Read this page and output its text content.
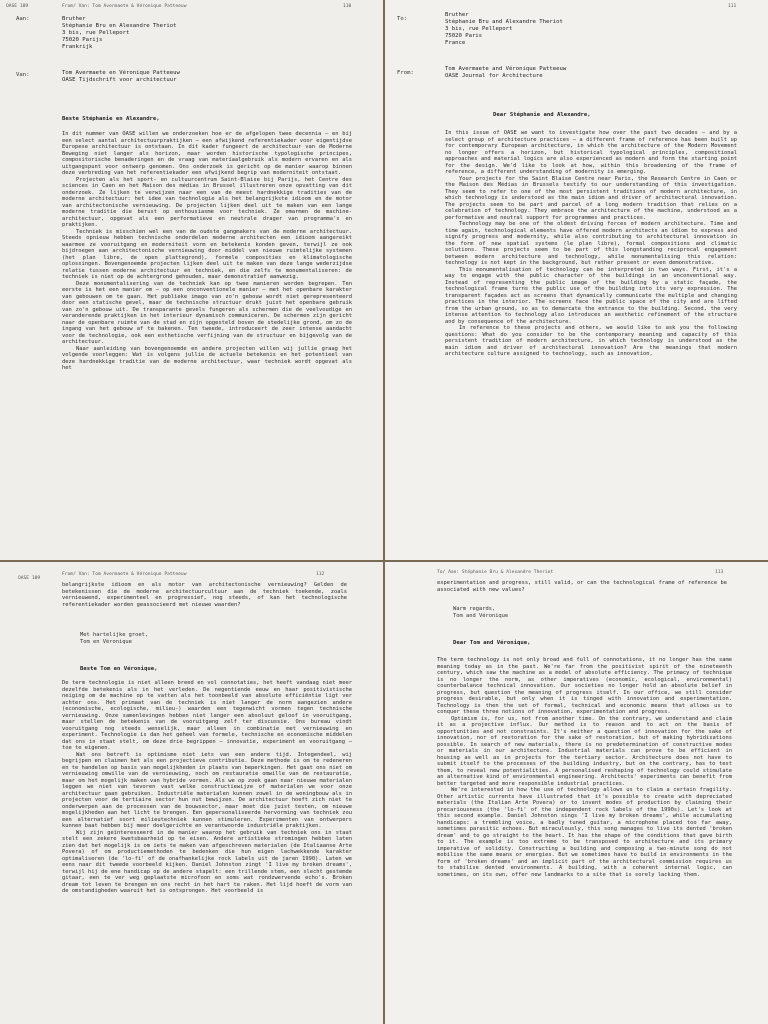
OASE 109	From/ Van: Tom Avermaete & Véronique Patteeuw	110
Aan:	Bruther
Stéphanie Bru en Alexandre Theriot
3 bis, rue Pelleport
75020 Parijs
Frankrijk
Van:	Tom Avermaete en Véronique Patteeuw
OASE Tijdschrift voor architectuur
Beste Stéphanie en Alexandre,

In dit nummer van OASE willen we onderzoeken hoe er de afgelopen twee decennia – en bij een select aantal architectuurpraktijken – een afwijkend referentiekader voor eigentijdse Europese architectuur is ontstaan. In dit kader fungeert de architectuur van de Moderne Beweging niet langer als horizon, maar worden historische typologische principes, compositorische benaderingen en de vraag van materiaalgebruik als modern ervaren en als uitgangspunt voor ontwerp genomen. Ons onderzoek is gericht op de manier waarop binnen deze verbreding van het referentiekader een afwijkend begrip van moderniteit ontstaat.

Projecten als het sport- en cultuurcentrum Saint-Blaise bij Parijs, het Centre des sciences in Caen en het Maison des médias in Brussel illustreren onze opvatting van dit onderzoek. Ze lijken te verwijzen naar een van de meest hardnekkige tradities van de moderne architectuur: het idee van technologie als het belangrijkste idioom en de motor van architectonische vernieuwing. De projecten lijken deel uit te maken van een lange moderne traditie die berust op enthousiasme voor techniek. Ze omarmen de machine-architectuur, opgevat als een performatieve en neutrale drager van programma's en praktijken.

Techniek is misschien wel een van de oudste gangmakers van de moderne architectuur. Steeds opnieuw hebben technische onderdelen moderne architecten een idioom aangereikt waarmee ze vooruitgang en moderniteit vorm en betekenis konden geven, terwijl ze ook bijdroegen aan architectonische vernieuwing door middel van nieuwe ruimtelijke systemen (het plan libre, de open plattegrond), formele composities en klimatologische oplossingen. Bovengenoemde projecten lijken deel uit te maken van deze lange wederzijdse relatie tussen moderne architectuur en techniek, en die zelfs te monumentaliseren: de techniek is niet op de achtergrond gehouden, maar demonstratief aanwezig.

Deze monumentalisering van de techniek kan op twee manieren worden begrepen. Ten eerste is het een manier om – op een onconventionele manier – met het openbare karakter van gebouwen om te gaan. Het publieke imago van zo'n gebouw wordt niet gerepresenteerd door een statische gevel, maar de technische structuur drukt juist het openbare gebruik van zo'n gebouw uit. De transparante gevels fungeren als schermen die de veelvoudige en veranderende praktijken in het interieur dynamisch communiceren. De schermen zijn gericht naar de openbare ruimte van de stad en zijn opgesteld boven de stedelijke grond, om zo de ingang van het gebouw af te bakenen. Ten tweede, introduceert de zeer intense aandacht voor de technologie, ook een esthetische verfijning van de structuur en bijgevolg van de architectuur.

Naar aanleiding van bovengenoemde en andere projecten willen wij jullie graag het volgende voorleggen: Wat is volgens jullie de actuele betekenis en het potentieel van deze hardnekkige traditie van de moderne architectuur, waar techniek wordt opgevat als het

111
To:
Bruther
Stéphanie Bru and Alexandre Theriot
3 bis, rue Pelleport
75020 Paris
France
From:
Tom Avermaete and Véronique Patteeuw
OASE Journal for Architecture
Dear Stéphanie and Alexandre,

In this issue of OASE we want to investigate how over the past two decades – and by a select group of architecture practices – a different frame of reference has been built up for contemporary European architecture, in which the architecture of the Modern Movement no longer offers a horizon, but historical typological principles, compositional approaches and material logics are also experienced as modern and form the starting point for the design. We'd like to look at how, within this broadening of the frame of reference, a different understanding of modernity is emerging.

Your projects for the Saint Blaise Centre near Paris, the Research Centre in Caen or the Maison des Médias in Brussels testify to our understanding of this investigation. They seem to refer to one of the most persistent traditions of modern architecture, in which technology is understood as the main idiom and driver of architectural innovation. The projects seem to be part and parcel of a long modern tradition that relies on a celebration of technology. They embrace the architecture of the machine, understood as a performative and neutral support for programmes and practices.

Technology may be one of the oldest driving forces of modern architecture. Time and time again, technological elements have offered modern architects an idiom to express and signify progress and modernity, while also contributing to architectural innovation in the form of new spatial systems (le plan libre), formal compositions and climatic solutions. These projects seem to be part of this longstanding reciprocal engagement between modern architecture and technology, while monumentalising this relation: technology is not kept in the background, but rather present or even demonstrative.

This monumentalisation of technology can be interpreted in two ways. First, it's a way to engage with the public character of the buildings in an unconventional way. Instead of representing the public image of the building by a static façade, the technological frame turns the public use of the building into its very expression. The transparent façades act as screens that dynamically communicate the multiple and changing practices in the interior. The screens face the public space of the city and are lifted from the urban ground, so as to demarcate the entrance to the building. Second, the very intense attention to technology also introduces an aesthetic refinement of the structure and by consequence of the architecture.

In reference to these projects and others, we would like to ask you the following questions: What do you consider to be the contemporary meaning and capacity of this persistent tradition of modern architecture, in which technology is understood as the main idiom and driver of architectural innovation? Are the meanings that modern architecture culture assigned to technology, such as innovation,

OASE 109
From/ Van: Tom Avermaete & Véronique Patteeuw	112

belangrijkste idioom en als motor van architectonische vernieuwing? Gelden de betekenissen die de moderne architectuurcultuur aan de techniek toekende, zoals vernieuwend, experimenteel en progressief, nog steeds, of kan het technologische referentiekader worden geassocieerd met nieuwe waarden?

Met hartelijke groet,
Tom en Véronique
Beste Tom en Véronique,

De term technologie is niet alleen breed en vol connotaties, het heeft vandaag niet meer dezelfde betekenis als in het verleden. De negentiende eeuw en haar positivistische neiging om de machine op te vatten als het toonbeeld van absolute efficiëntie ligt ver achter ons. Het primaat van de techniek is niet langer de norm aangezien andere (economische, ecologische, milieu-) waarden een tegenwicht vormen tegen technische vernieuwing. Onze samenlevingen hebben niet langer een absoluut geloof in vooruitgang, maar stellen de betekenis van de vooruitgang zelf ter discussie. Ons bureau vindt vooruitgang nog steeds wenselijk, maar alleen in combinatie met vernieuwing en experiment. Technologie is dan het geheel van formele, technische en economische middelen dat ons in staat stelt, om deze drie begrippen – innovatie, experiment en vooruitgang – toe te eigenen.

Wat ons betreft is optimisme niet iets van een andere tijd. Integendeel, wij begrijpen en claimen het als een projectieve contributie. Deze methode is om te redeneren en te handelen op basis van mogelijkheden in plaats van beperkingen. Het gaat ons niet om vernieuwing omwille van de vernieuwing, noch om restauratie omwille van de restauratie, maar om het mogelijk maken van hybride vormen. Als we op zoek gaan naar nieuwe materialen leggen we niet van tevoren vast welke constructiewijze of materialen we voor onze architectuur gaan gebruiken. Industriële materialen kunnen zowel in de woningbouw als in projecten voor de tertiaire sector hun nut bewijzen. De architectuur hoeft zich niet te onderwerpen aan de processen van de bouwsector, maar moet die juist testen, om nieuwe mogelijkheden aan het licht te brengen. Een gepersonaliseerde hervorming van techniek zou een alternatief soort milieutechniek kunnen stimuleren. Experimenten van ontwerpers kunnen baat hebben bij meer doelgerichte en verantwoorde industriële praktijken.

Wij zijn geïnteresseerd in de manier waarop het gebruik van techniek ons in staat stelt een zekere kwetsbaarheid op te eisen. Andere artistieke stromingen hebben laten zien dat het mogelijk is om iets te maken van afgeschreven materialen (de Italiaanse Arte Povera) of om productiemethoden te bedenken die hun eigen lachwekkende karakter optimaliseren (de 'lo-fi' of de onafhankelijke rock labels uit de jaren 1990). Laten we eens naar dit tweede voorbeeld kijken. Daniel Johnston zingt 'I live my broken dreams', terwijl hij de ene handicap op de andere stapelt: een trillende stem, een slecht gestemde gitaar, een te ver weg geplaatste microfoon en soms wat rondzwervende echo's. Broken dream tot leven te brengen en ons recht in het hart te raken. Het lijd hoeft de vorm van de omstandigheden waaruit het is ontsprongen. Het voorbeeld is

To/ Aan: Stéphanie Bru & Alexandre Theriot	113

experimentation and progress, still valid, or can the technological frame of reference be associated with new values?

Warm regards,
Tom and Véronique
Dear Tom and Véronique,

The term technology is not only broad and full of connotations, it no longer has the same meaning today as in the past. We're far from the positivist spirit of the nineteenth century, which saw the machine as a model of absolute efficiency. The primacy of technique is no longer the norm, as other imperatives (economic, ecological, environmental) counterbalance technical innovation. Our societies no longer hold an absolute belief in progress, but question the meaning of progress itself. In our office, we still consider progress desirable, but only when it is tinged with innovation and experimentation. Technology is then the set of formal, technical and economic means that allows us to conquer these three notions of innovation, experimentation and progress.

Optimism is, for us, not from another time. On the contrary, we understand and claim it as a projective influx. Our method is to reason and to act on the basis of opportunities and not constraints. It's neither a question of innovation for the sake of innovation, nor of restoration for the sake of restoration, but of making hybridisations possible. In search of new materials, there is no predetermination of constructive modes or materials in our architecture. Industrial materials can prove to be efficient in housing as well as in projects for the tertiary sector. Architecture does not have to submit itself to the processes of the building industry, but on the contrary, has to test them, to reveal new potentialities. A personalised reshaping of technology could stimulate an alternative kind of environmental engineering. Architects' experiments can benefit from better targeted and more responsible industrial practices.

We're interested in how the use of technology allows us to claim a certain fragility. Other artistic currents have illustrated that it's possible to create with depreciated materials (the Italian Arte Povera) or to invent modes of production by claiming their precariousness (the 'lo-fi' of the independent rock labels of the 1990s). Let's look at this second example. Daniel Johnston sings 'I live my broken dreams', while accumulating handicaps: a trembling voice, a badly tuned guitar, a microphone placed too far away, sometimes parasitic echoes. But miraculously, this song manages to live its dented 'broken dream' and to go straight to the heart. It has the shape of the conditions that gave birth to it. The example is too extreme to be transposed to architecture and its primary imperative of solidity. Constructing a building and composing a two-minute song do not mobilise the same means or energies. But we sometimes have to build in environments in the form of 'broken dreams' and an implicit part of the architectural commission requires us to stabilise dented environments. A building, with a coherent internal logic, can sometimes, on its own, offer new landmarks to a site that is sorely lacking them.
